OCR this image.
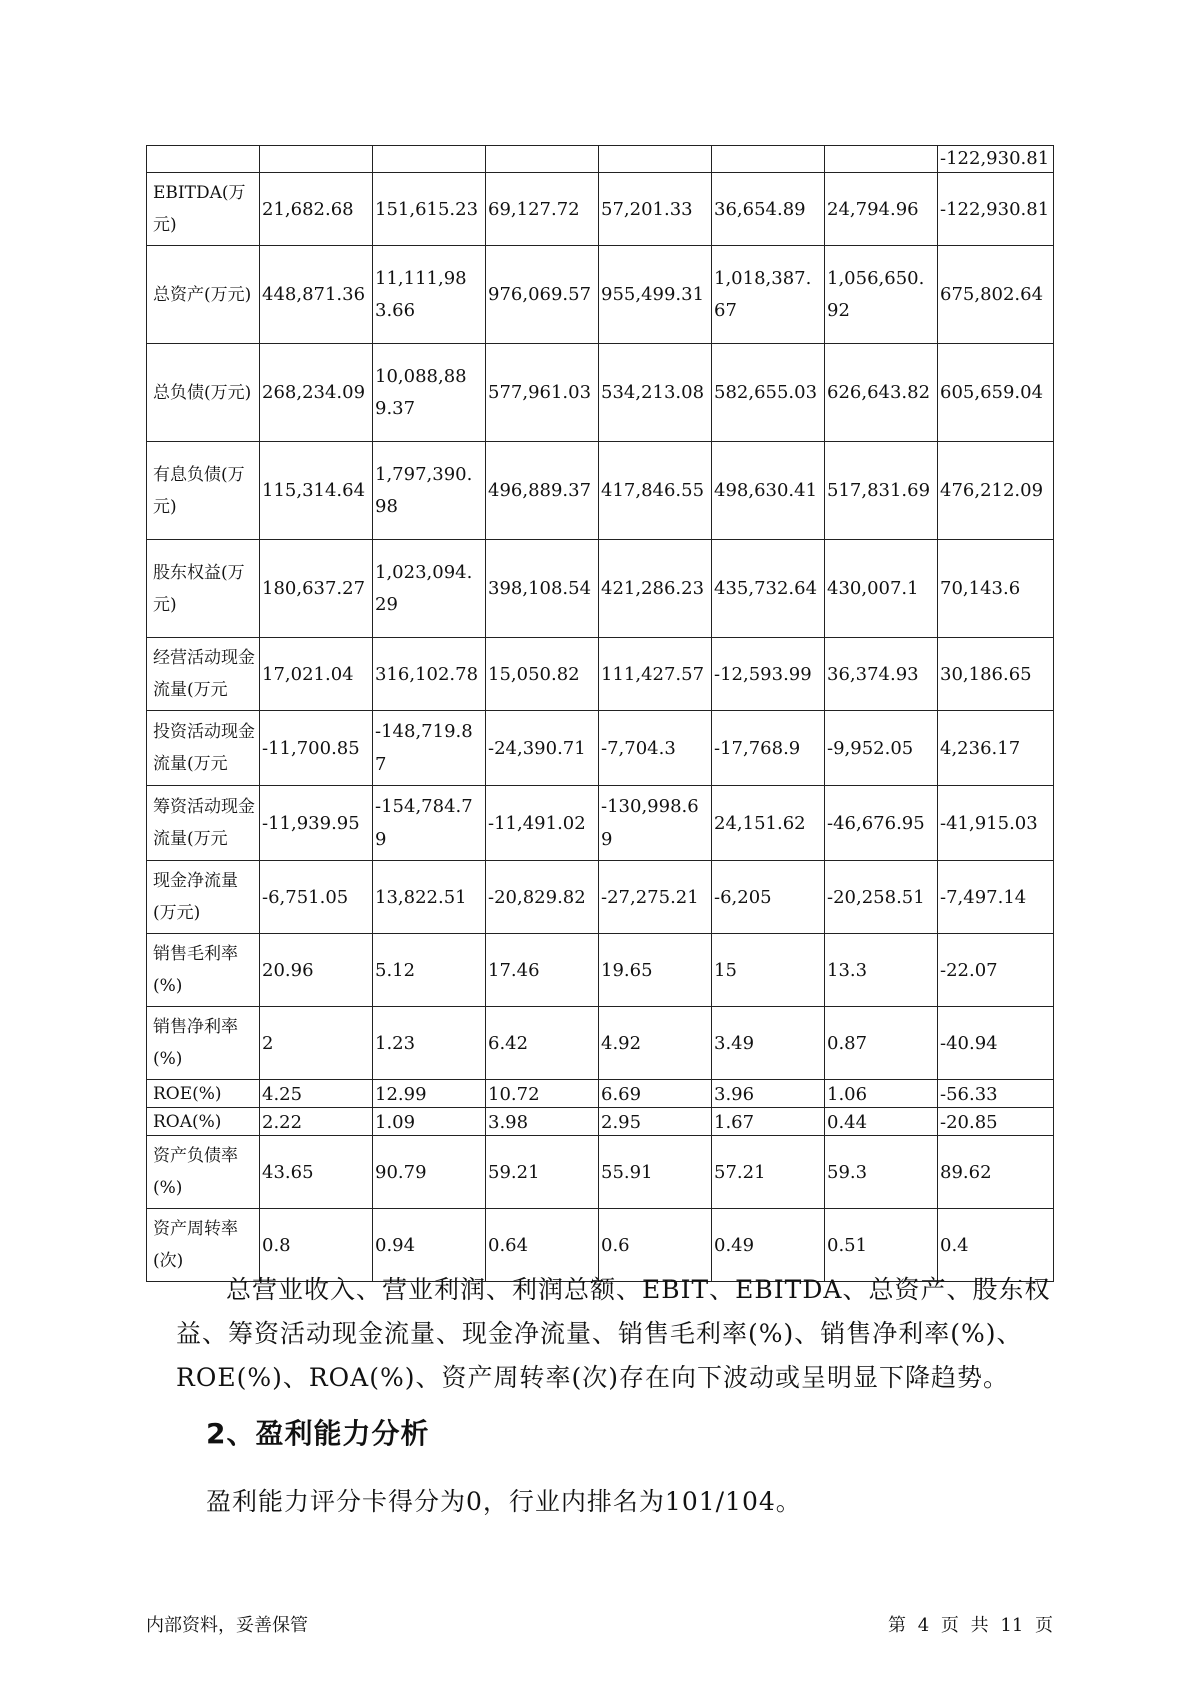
							-122,930.81
EBITDA(万元)	21,682.68	151,615.23	69,127.72	57,201.33	36,654.89	24,794.96	-122,930.81
总资产(万元)	448,871.36	11,111,983.66	976,069.57	955,499.31	1,018,387.67	1,056,650.92	675,802.64
总负债(万元)	268,234.09	10,088,889.37	577,961.03	534,213.08	582,655.03	626,643.82	605,659.04
有息负债(万元)	115,314.64	1,797,390.98	496,889.37	417,846.55	498,630.41	517,831.69	476,212.09
股东权益(万元)	180,637.27	1,023,094.29	398,108.54	421,286.23	435,732.64	430,007.1	70,143.6
经营活动现金流量(万元	17,021.04	316,102.78	15,050.82	111,427.57	-12,593.99	36,374.93	30,186.65
投资活动现金流量(万元	-11,700.85	-148,719.87	-24,390.71	-7,704.3	-17,768.9	-9,952.05	4,236.17
筹资活动现金流量(万元	-11,939.95	-154,784.79	-11,491.02	-130,998.69	24,151.62	-46,676.95	-41,915.03
现金净流量(万元)	-6,751.05	13,822.51	-20,829.82	-27,275.21	-6,205	-20,258.51	-7,497.14
销售毛利率(%)	20.96	5.12	17.46	19.65	15	13.3	-22.07
销售净利率(%)	2	1.23	6.42	4.92	3.49	0.87	-40.94
ROE(%)	4.25	12.99	10.72	6.69	3.96	1.06	-56.33
ROA(%)	2.22	1.09	3.98	2.95	1.67	0.44	-20.85
资产负债率(%)	43.65	90.79	59.21	55.91	57.21	59.3	89.62
资产周转率(次)	0.8	0.94	0.64	0.6	0.49	0.51	0.4
总营业收入、营业利润、利润总额、EBIT、EBITDA、总资产、股东权益、筹资活动现金流量、现金净流量、销售毛利率(%)、销售净利率(%)、ROE(%)、ROA(%)、资产周转率(次)存在向下波动或呈明显下降趋势。
2、盈利能力分析
盈利能力评分卡得分为0，行业内排名为101/104。
内部资料，妥善保管	第 4 页 共 11 页
